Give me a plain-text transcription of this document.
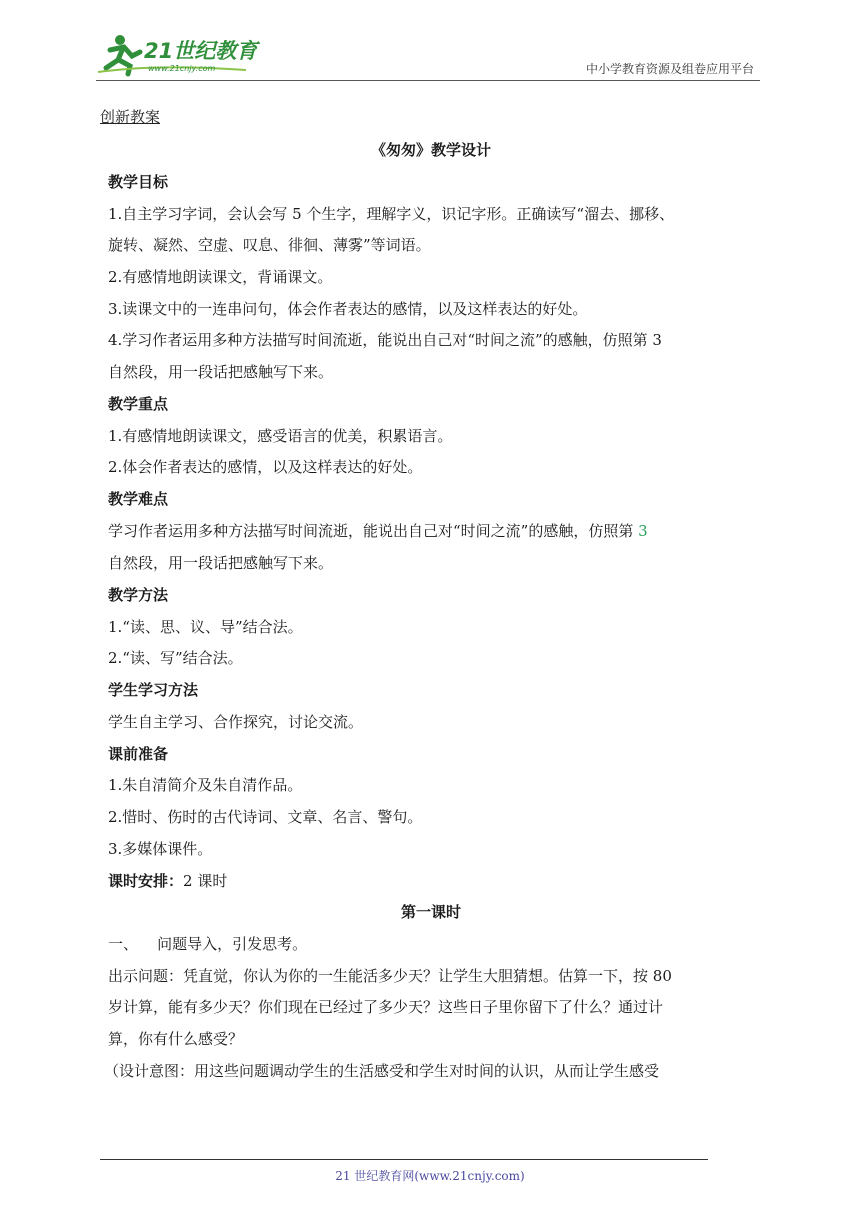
21世纪教育
www.21cnjy.com	中小学教育资源及组卷应用平台
创新教案
《匆匆》教学设计
教学目标
1.自主学习字词，会认会写 5 个生字，理解字义，识记字形。正确读写“溜去、挪移、
旋转、凝然、空虚、叹息、徘徊、薄雾”等词语。
2.有感情地朗读课文，背诵课文。
3.读课文中的一连串问句，体会作者表达的感情，以及这样表达的好处。
4.学习作者运用多种方法描写时间流逝，能说出自己对“时间之流”的感触，仿照第 3
自然段，用一段话把感触写下来。
教学重点
1.有感情地朗读课文，感受语言的优美，积累语言。
2.体会作者表达的感情，以及这样表达的好处。
教学难点
学习作者运用多种方法描写时间流逝，能说出自己对“时间之流”的感触，仿照第 3
自然段，用一段话把感触写下来。
教学方法
1.“读、思、议、导”结合法。
2.“读、写”结合法。
学生学习方法
学生自主学习、合作探究，讨论交流。
课前准备
1.朱自清简介及朱自清作品。
2.惜时、伤时的古代诗词、文章、名言、警句。
3.多媒体课件。
课时安排：2 课时
第一课时
一、    问题导入，引发思考。
出示问题：凭直觉，你认为你的一生能活多少天？让学生大胆猜想。估算一下，按 80
岁计算，能有多少天？你们现在已经过了多少天？这些日子里你留下了什么？通过计
算，你有什么感受？
（设计意图：用这些问题调动学生的生活感受和学生对时间的认识，从而让学生感受
21 世纪教育网(www.21cnjy.com)
